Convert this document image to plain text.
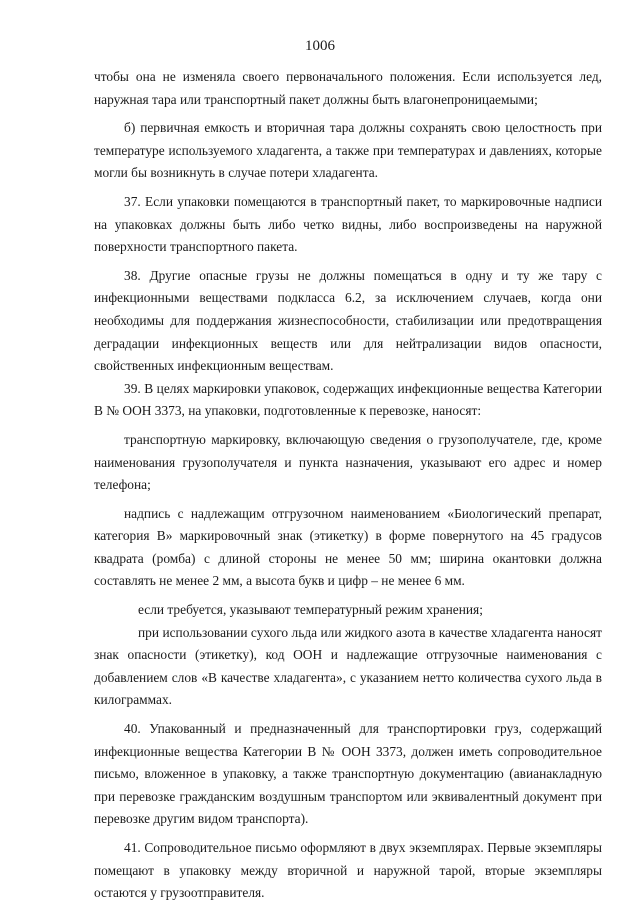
1006

чтобы она не изменяла своего первоначального положения. Если используется лед, наружная тара или транспортный пакет должны быть влагонепроницаемыми;

б) первичная емкость и вторичная тара должны сохранять свою целостность при температуре используемого хладагента, а также при температурах и давлениях, которые могли бы возникнуть в случае потери хладагента.

37. Если упаковки помещаются в транспортный пакет, то маркировочные надписи на упаковках должны быть либо четко видны, либо воспроизведены на наружной поверхности транспортного пакета.

38. Другие опасные грузы не должны помещаться в одну и ту же тару с инфекционными веществами подкласса 6.2, за исключением случаев, когда они необходимы для поддержания жизнеспособности, стабилизации или предотвращения деградации инфекционных веществ или для нейтрализации видов опасности, свойственных инфекционным веществам.

39. В целях маркировки упаковок, содержащих инфекционные вещества Категории В № ООН 3373, на упаковки, подготовленные к перевозке, наносят:

транспортную маркировку, включающую сведения о грузополучателе, где, кроме наименования грузополучателя и пункта назначения, указывают его адрес и номер телефона;

надпись с надлежащим отгрузочном наименованием «Биологический препарат, категория В» маркировочный знак (этикетку) в форме повернутого на 45 градусов квадрата (ромба) с длиной стороны не менее 50 мм; ширина окантовки должна составлять не менее 2 мм, а высота букв и цифр – не менее 6 мм.

если требуется, указывают температурный режим хранения;

при использовании сухого льда или жидкого азота в качестве хладагента наносят знак опасности (этикетку), код ООН и надлежащие отгрузочные наименования с добавлением слов «В качестве хладагента», с указанием нетто количества сухого льда в килограммах.

40. Упакованный и предназначенный для транспортировки груз, содержащий инфекционные вещества Категории В № ООН 3373, должен иметь сопроводительное письмо, вложенное в упаковку, а также транспортную документацию (авианакладную при перевозке гражданским воздушным транспортом или эквивалентный документ при перевозке другим видом транспорта).

41. Сопроводительное письмо оформляют в двух экземплярах. Первые экземпляры помещают в упаковку между вторичной и наружной тарой, вторые экземпляры остаются у грузоотправителя.
